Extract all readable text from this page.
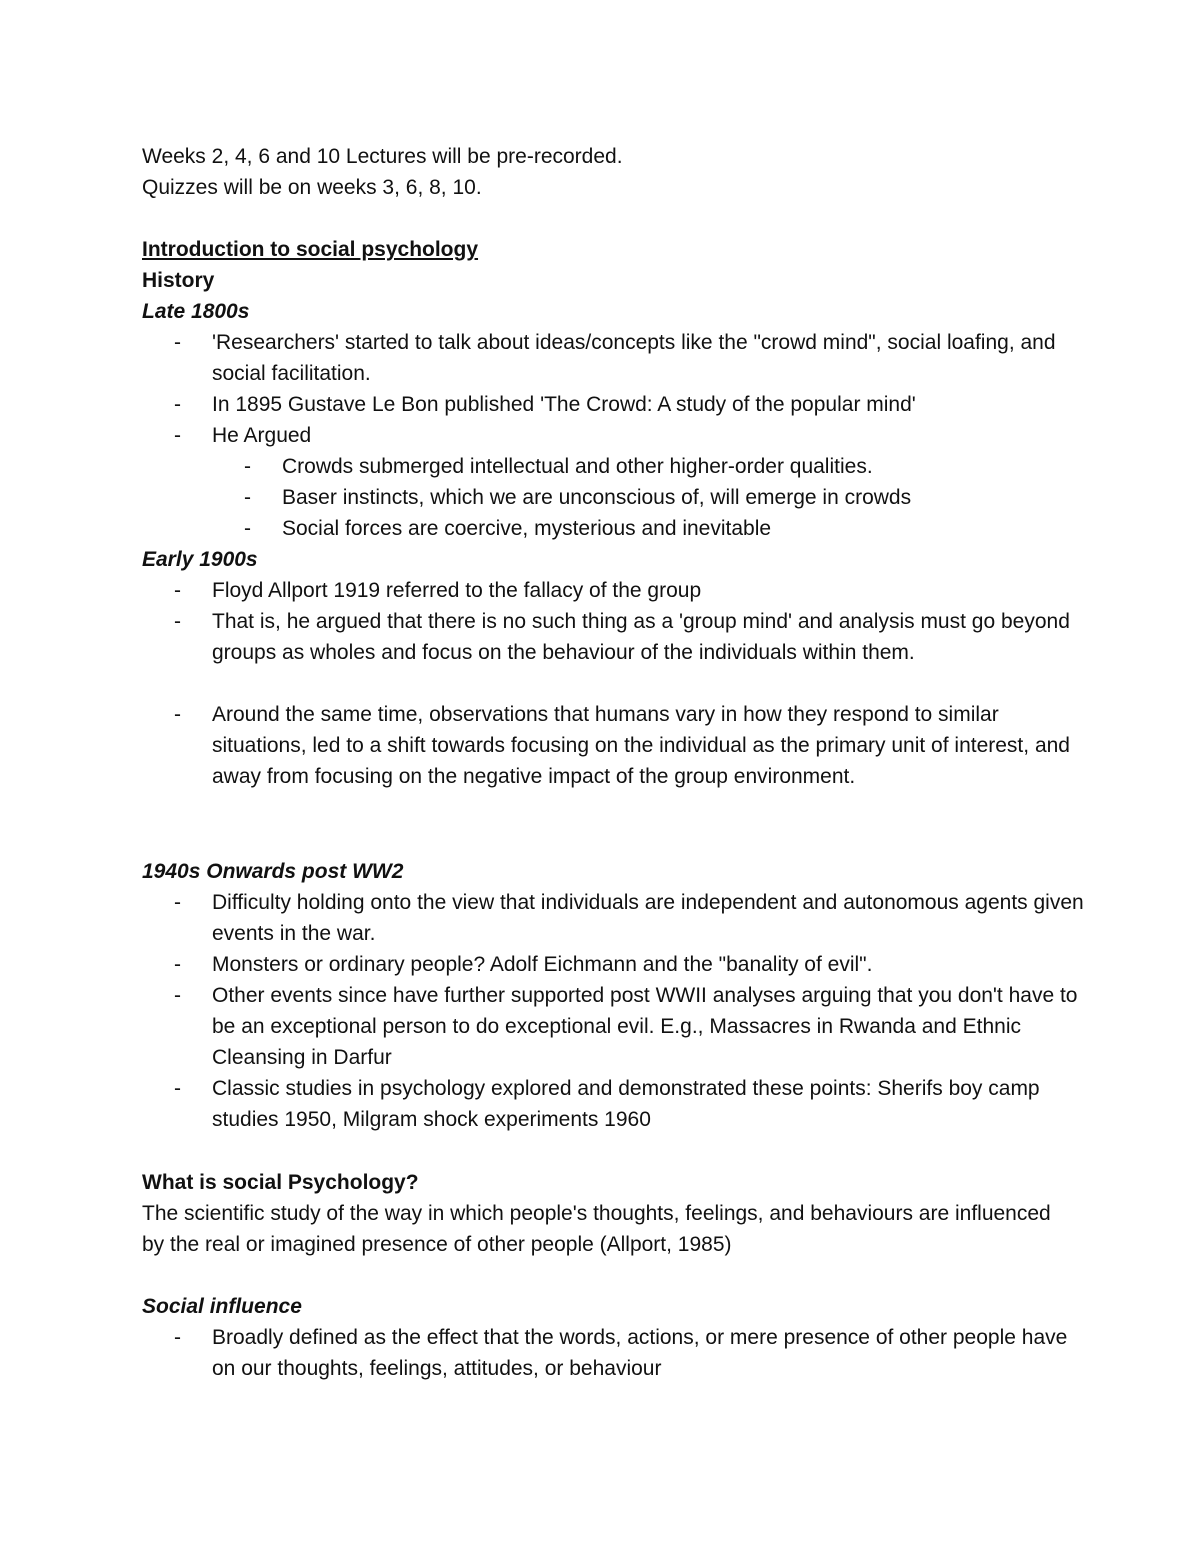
Weeks 2, 4, 6 and 10 Lectures will be pre-recorded.
Quizzes will be on weeks 3, 6, 8, 10.
Introduction to social psychology
History
Late 1800s
- 'Researchers' started to talk about ideas/concepts like the "crowd mind", social loafing, and social facilitation.
- In 1895 Gustave Le Bon published 'The Crowd: A study of the popular mind'
- He Argued
- Crowds submerged intellectual and other higher-order qualities.
- Baser instincts, which we are unconscious of, will emerge in crowds
- Social forces are coercive, mysterious and inevitable
Early 1900s
- Floyd Allport 1919 referred to the fallacy of the group
- That is, he argued that there is no such thing as a 'group mind' and analysis must go beyond groups as wholes and focus on the behaviour of the individuals within them.
- Around the same time, observations that humans vary in how they respond to similar situations, led to a shift towards focusing on the individual as the primary unit of interest, and away from focusing on the negative impact of the group environment.
1940s Onwards post WW2
- Difficulty holding onto the view that individuals are independent and autonomous agents given events in the war.
- Monsters or ordinary people? Adolf Eichmann and the "banality of evil".
- Other events since have further supported post WWII analyses arguing that you don't have to be an exceptional person to do exceptional evil. E.g., Massacres in Rwanda and Ethnic Cleansing in Darfur
- Classic studies in psychology explored and demonstrated these points: Sherifs boy camp studies 1950, Milgram shock experiments 1960
What is social Psychology?
The scientific study of the way in which people's thoughts, feelings, and behaviours are influenced by the real or imagined presence of other people (Allport, 1985)
Social influence
- Broadly defined as the effect that the words, actions, or mere presence of other people have on our thoughts, feelings, attitudes, or behaviour
